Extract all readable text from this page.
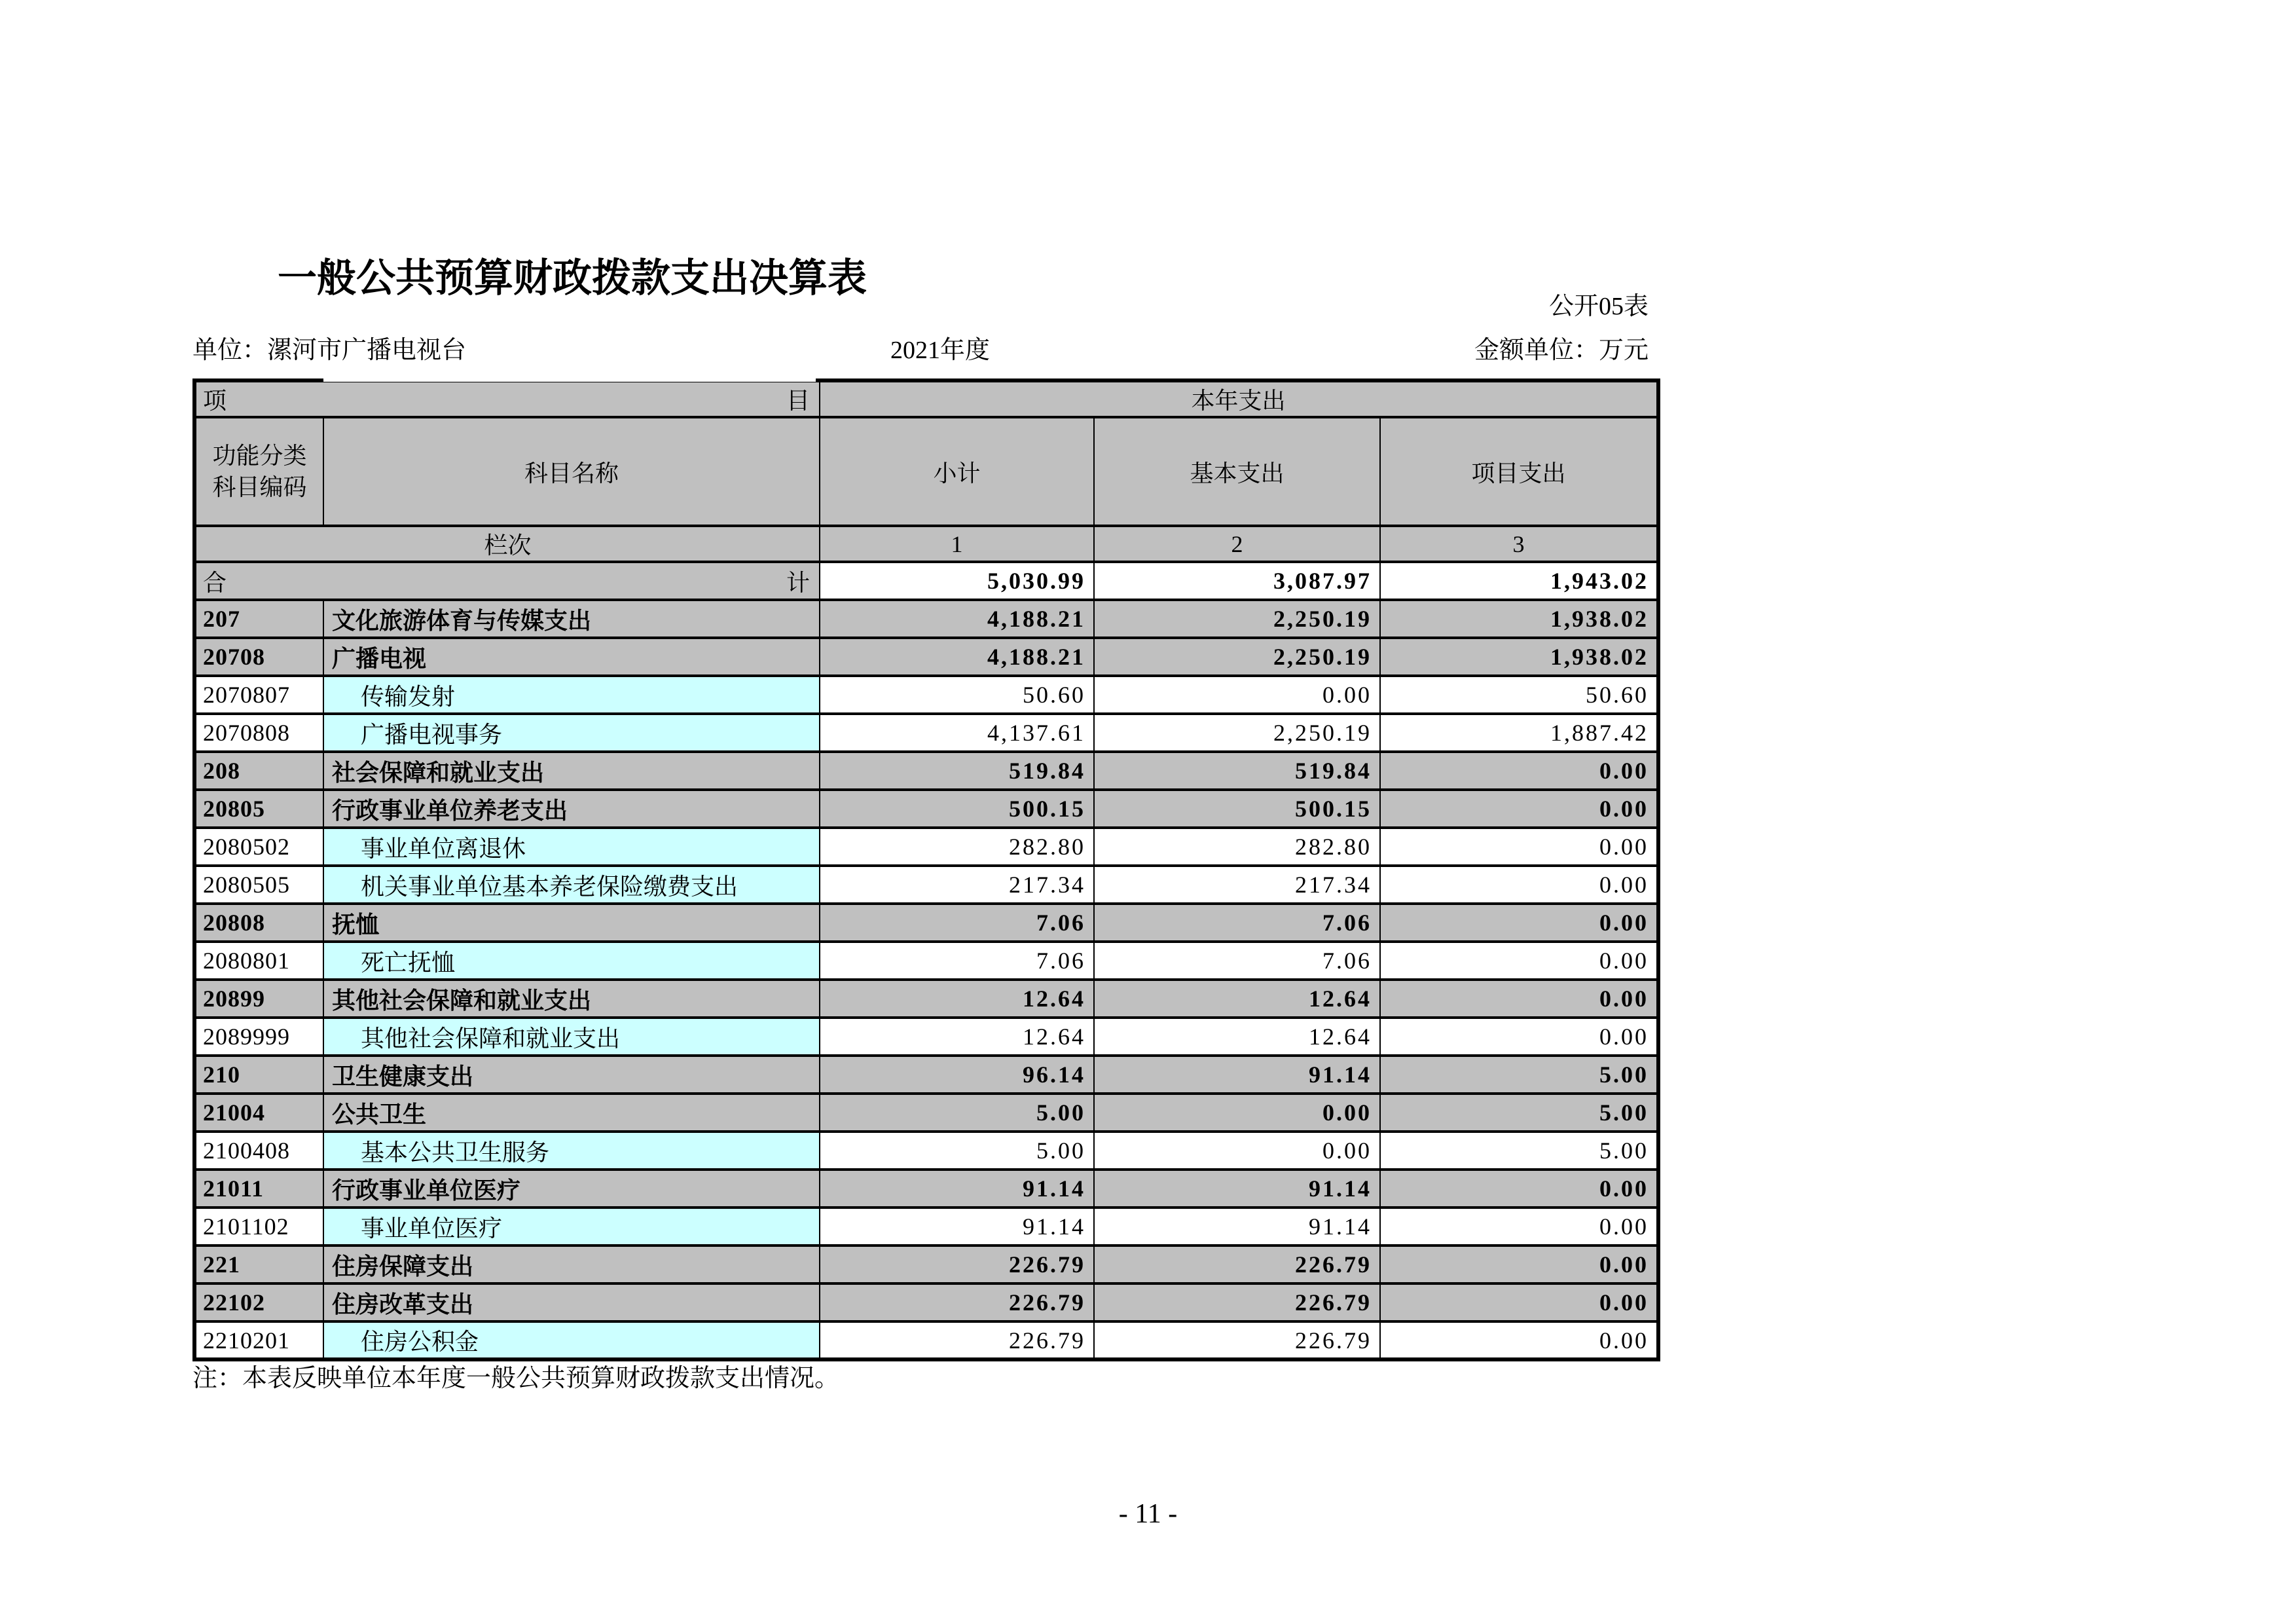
一般公共预算财政拨款支出决算表
公开05表
单位：漯河市广播电视台	2021年度	金额单位：万元
项 目		本年支出		

功能分类
科目编码	科目名称	小计	基本支出	项目支出
栏次		1	2	3

合 计		5,030.99	3,087.97	1,943.02
207	文化旅游体育与传媒支出	4,188.21	2,250.19	1,938.02
20708	广播电视	4,188.21	2,250.19	1,938.02
2070807	传输发射	50.60	0.00	50.60
2070808	广播电视事务	4,137.61	2,250.19	1,887.42
208	社会保障和就业支出	519.84	519.84	0.00
20805	行政事业单位养老支出	500.15	500.15	0.00
2080502	事业单位离退休	282.80	282.80	0.00
2080505	机关事业单位基本养老保险缴费支出	217.34	217.34	0.00
20808	抚恤	7.06	7.06	0.00
2080801	死亡抚恤	7.06	7.06	0.00
20899	其他社会保障和就业支出	12.64	12.64	0.00
2089999	其他社会保障和就业支出	12.64	12.64	0.00
210	卫生健康支出	96.14	91.14	5.00
21004	公共卫生	5.00	0.00	5.00
2100408	基本公共卫生服务	5.00	0.00	5.00
21011	行政事业单位医疗	91.14	91.14	0.00
2101102	事业单位医疗	91.14	91.14	0.00
221	住房保障支出	226.79	226.79	0.00
22102	住房改革支出	226.79	226.79	0.00
2210201	住房公积金	226.79	226.79	0.00
注：本表反映单位本年度一般公共预算财政拨款支出情况。
- 11 -
